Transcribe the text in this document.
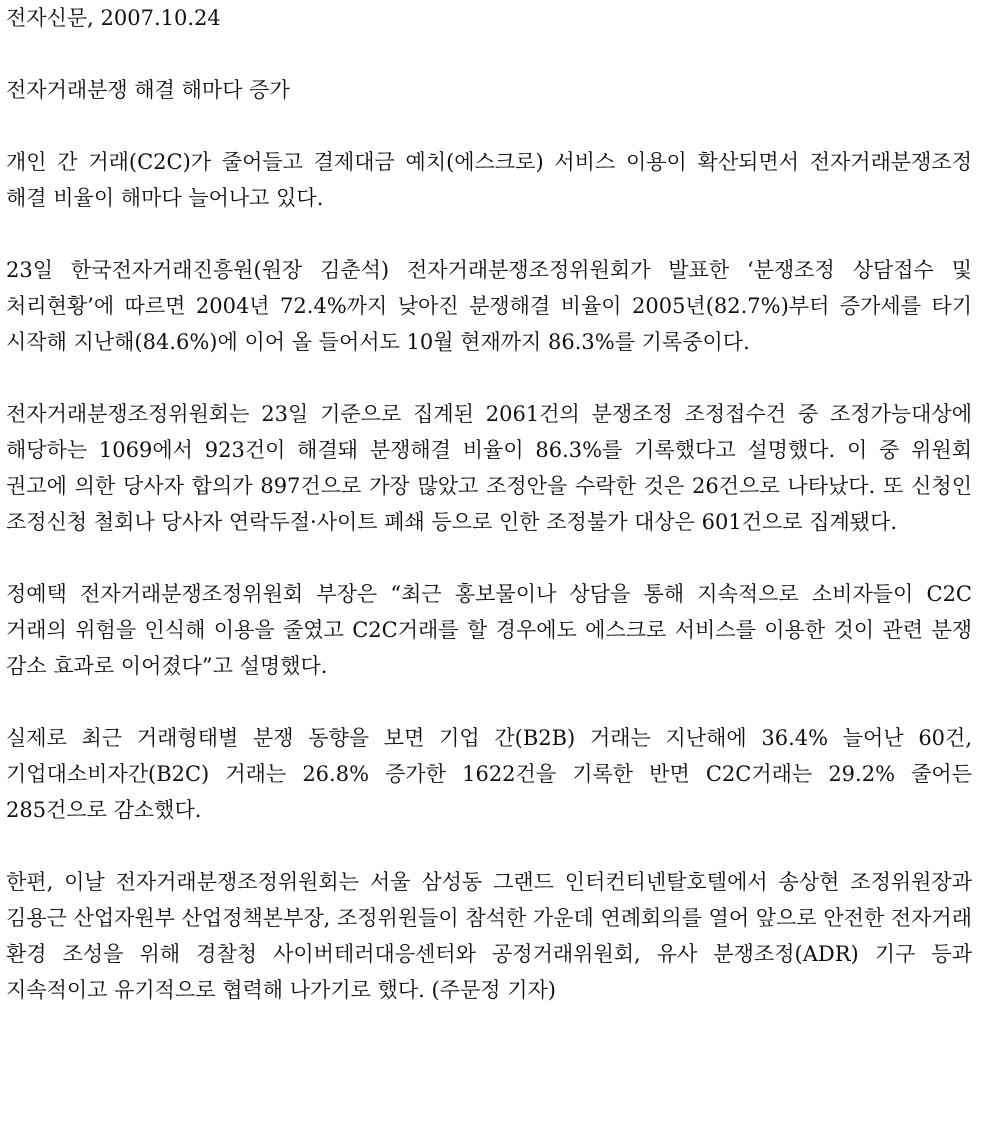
전자신문, 2007.10.24
전자거래분쟁 해결 해마다 증가

개인 간 거래(C2C)가 줄어들고 결제대금 예치(에스크로) 서비스 이용이 확산되면서 전자거래분쟁조정 해결 비율이 해마다 늘어나고 있다.

23일 한국전자거래진흥원(원장 김춘석) 전자거래분쟁조정위원회가 발표한 ‘분쟁조정 상담접수 및 처리현황’에 따르면 2004년 72.4%까지 낮아진 분쟁해결 비율이 2005년(82.7%)부터 증가세를 타기 시작해 지난해(84.6%)에 이어 올 들어서도 10월 현재까지 86.3%를 기록중이다.

전자거래분쟁조정위원회는 23일 기준으로 집계된 2061건의 분쟁조정 조정접수건 중 조정가능대상에 해당하는 1069에서 923건이 해결돼 분쟁해결 비율이 86.3%를 기록했다고 설명했다. 이 중 위원회 권고에 의한 당사자 합의가 897건으로 가장 많았고 조정안을 수락한 것은 26건으로 나타났다. 또 신청인 조정신청 철회나 당사자 연락두절·사이트 폐쇄 등으로 인한 조정불가 대상은 601건으로 집계됐다.

정예택 전자거래분쟁조정위원회 부장은 “최근 홍보물이나 상담을 통해 지속적으로 소비자들이 C2C 거래의 위험을 인식해 이용을 줄였고 C2C거래를 할 경우에도 에스크로 서비스를 이용한 것이 관련 분쟁 감소 효과로 이어졌다”고 설명했다.

실제로 최근 거래형태별 분쟁 동향을 보면 기업 간(B2B) 거래는 지난해에 36.4% 늘어난 60건, 기업대소비자간(B2C) 거래는 26.8% 증가한 1622건을 기록한 반면 C2C거래는 29.2% 줄어든 285건으로 감소했다.

한편, 이날 전자거래분쟁조정위원회는 서울 삼성동 그랜드 인터컨티넨탈호텔에서 송상현 조정위원장과 김용근 산업자원부 산업정책본부장, 조정위원들이 참석한 가운데 연례회의를 열어 앞으로 안전한 전자거래 환경 조성을 위해 경찰청 사이버테러대응센터와 공정거래위원회, 유사 분쟁조정(ADR) 기구 등과 지속적이고 유기적으로 협력해 나가기로 했다. (주문정 기자)
